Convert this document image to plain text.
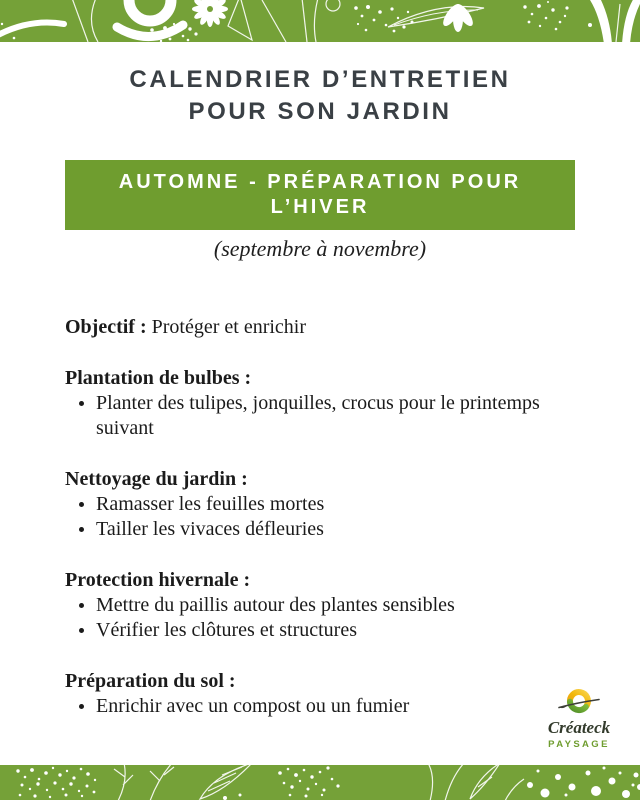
CALENDRIER D’ENTRETIEN
POUR SON JARDIN
AUTOMNE - PRÉPARATION POUR
L’HIVER
(septembre à novembre)

Objectif : Protéger et enrichir

Plantation de bulbes :
• Planter des tulipes, jonquilles, crocus pour le printemps suivant
Nettoyage du jardin :
• Ramasser les feuilles mortes
• Tailler les vivaces défleuries
Protection hivernale :
• Mettre du paillis autour des plantes sensibles
• Vérifier les clôtures et structures
Préparation du sol :
• Enrichir avec un compost ou un fumier
Créateck
PAYSAGE
